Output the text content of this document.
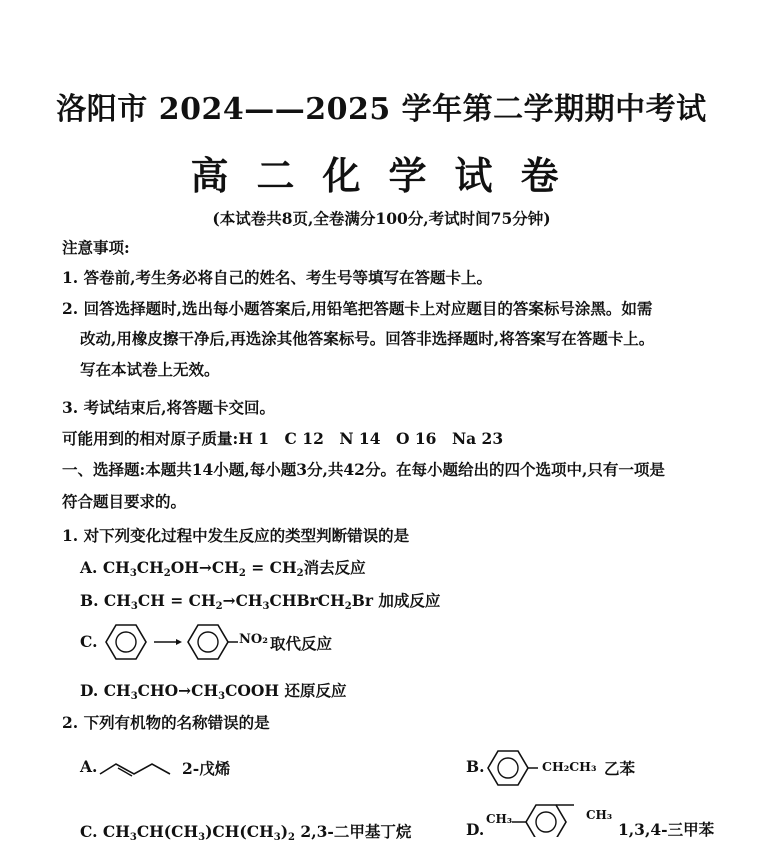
洛阳市 2024——2025 学年第二学期期中考试
高二化学试卷
(本试卷共8页,全卷满分100分,考试时间75分钟)
注意事项:
1. 答卷前,考生务必将自己的姓名、考生号等填写在答题卡上。
2. 回答选择题时,选出每小题答案后,用铅笔把答题卡上对应题目的答案标号涂黑。如需
改动,用橡皮擦干净后,再选涂其他答案标号。回答非选择题时,将答案写在答题卡上。
写在本试卷上无效。
3. 考试结束后,将答题卡交回。
可能用到的相对原子质量:H 1　C 12　N 14　O 16　Na 23
一、选择题:本题共14小题,每小题3分,共42分。在每小题给出的四个选项中,只有一项是
符合题目要求的。
1. 对下列变化过程中发生反应的类型判断错误的是
A. $CH_3CH_2OH\to CH_2 = CH_2$消去反应
B. $CH_3CH$ = $CH_2\to CH_3CHBrCH_2Br$ 加成反应
C.	NO₂ 取代反应
D. $CH_3CHO\to CH_3COOH$ 还原反应
2. 下列有机物的名称错误的是
A.	2-戊烯	B.	CH₂CH₃ 乙苯
C. $CH_3CH(CH_3)CH(CH_3)_2$ 2,3-二甲基丁烷	D.
CH₃	CH₃
1,3,4-三甲苯
